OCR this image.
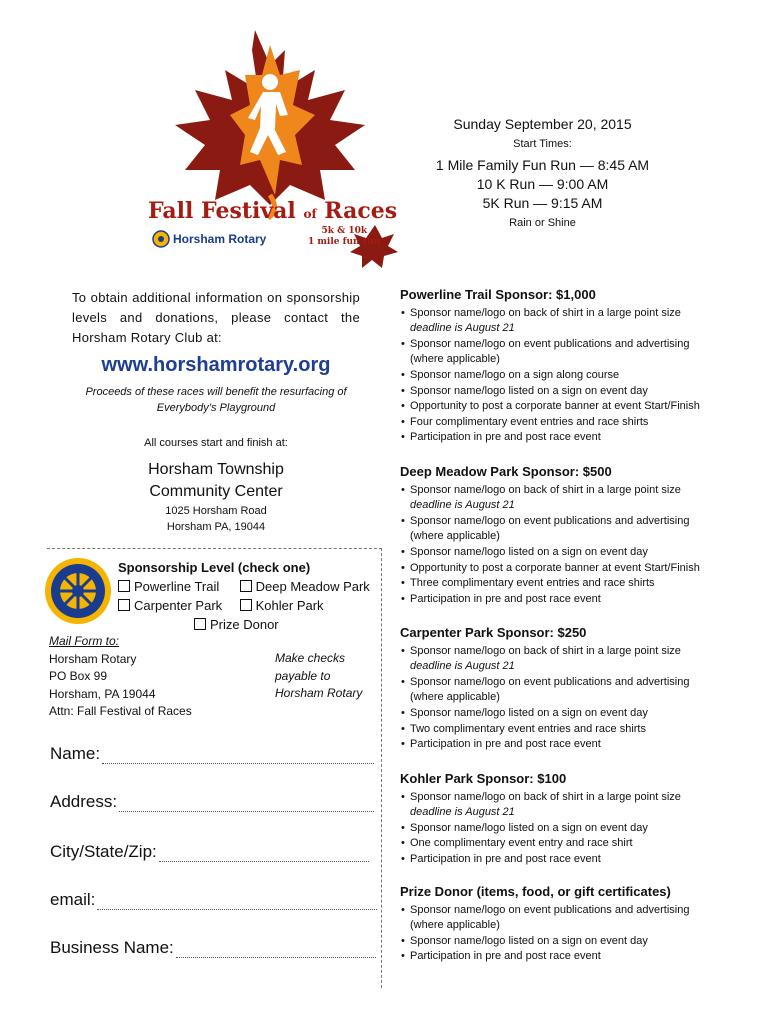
Fall Festival of Races
5k & 10k
1 mile fun run
Horsham Rotary
Sunday September 20, 2015
Start Times:
1 Mile Family Fun Run — 8:45 AM
10 K Run — 9:00 AM
5K Run — 9:15 AM
Rain or Shine
To obtain additional information on sponsorship levels and donations, please contact the Horsham Rotary Club at:
www.horshamrotary.org
Proceeds of these races will benefit the resurfacing of Everybody’s Playground
All courses start and finish at:
Horsham Township
Community Center
1025 Horsham Road
Horsham PA, 19044
Sponsorship Level (check one)
Powerline Trail	Deep Meadow Park
Carpenter Park	Kohler Park
Prize Donor
Mail Form to:
Horsham Rotary
PO Box 99
Horsham, PA 19044
Attn: Fall Festival of Races
Make checks
payable to
Horsham Rotary
Name:
Address:
City/State/Zip:
email:
Business Name:
Powerline Trail Sponsor: $1,000
• Sponsor name/logo on back of shirt in a large point size
deadline is August 21
• Sponsor name/logo on event publications and advertising
(where applicable)
• Sponsor name/logo on a sign along course
• Sponsor name/logo listed on a sign on event day
• Opportunity to post a corporate banner at event Start/Finish
• Four complimentary event entries and race shirts
• Participation in pre and post race event
Deep Meadow Park Sponsor: $500
• Sponsor name/logo on back of shirt in a large point size
deadline is August 21
• Sponsor name/logo on event publications and advertising
(where applicable)
• Sponsor name/logo listed on a sign on event day
• Opportunity to post a corporate banner at event Start/Finish
• Three complimentary event entries and race shirts
• Participation in pre and post race event
Carpenter Park Sponsor: $250
• Sponsor name/logo on back of shirt in a large point size
deadline is August 21
• Sponsor name/logo on event publications and advertising
(where applicable)
• Sponsor name/logo listed on a sign on event day
• Two complimentary event entries and race shirts
• Participation in pre and post race event
Kohler Park Sponsor: $100
• Sponsor name/logo on back of shirt in a large point size
deadline is August 21
• Sponsor name/logo listed on a sign on event day
• One complimentary event entry and race shirt
• Participation in pre and post race event
Prize Donor (items, food, or gift certificates)
• Sponsor name/logo on event publications and advertising
(where applicable)
• Sponsor name/logo listed on a sign on event day
• Participation in pre and post race event
